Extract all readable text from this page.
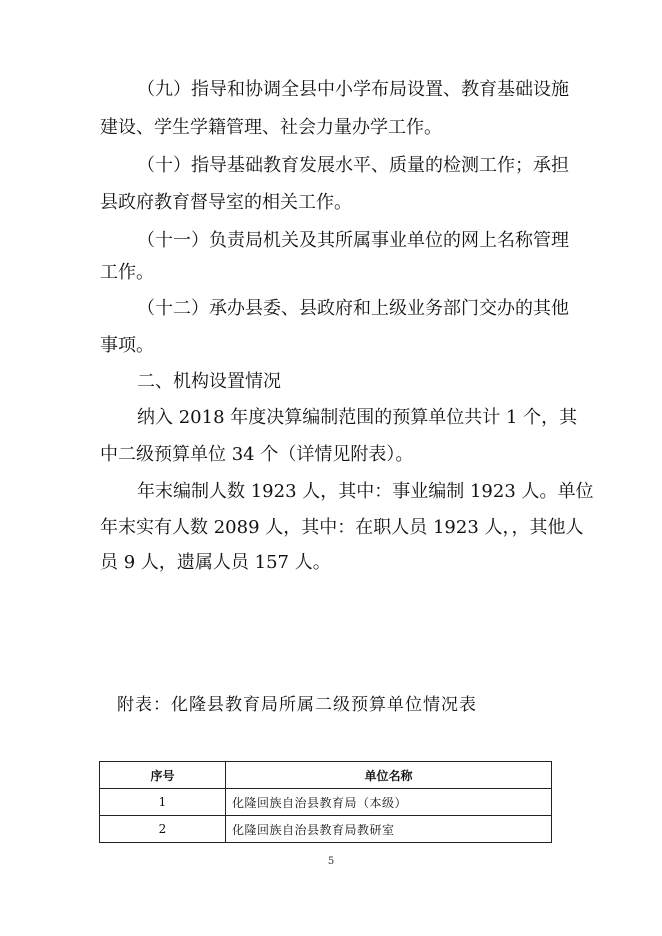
（九）指导和协调全县中小学布局设置、教育基础设施
建设、学生学籍管理、社会力量办学工作。
（十）指导基础教育发展水平、质量的检测工作；承担
县政府教育督导室的相关工作。
（十一）负责局机关及其所属事业单位的网上名称管理
工作。
（十二）承办县委、县政府和上级业务部门交办的其他
事项。
二、机构设置情况
纳入 2018 年度决算编制范围的预算单位共计 1 个，其
中二级预算单位 34 个（详情见附表）。
年末编制人数 1923 人，其中：事业编制 1923 人。单位
年末实有人数 2089 人，其中：在职人员 1923 人，，其他人
员 9 人，遗属人员 157 人。
附表：化隆县教育局所属二级预算单位情况表
序号	单位名称
1	化隆回族自治县教育局（本级）
2	化隆回族自治县教育局教研室
5
